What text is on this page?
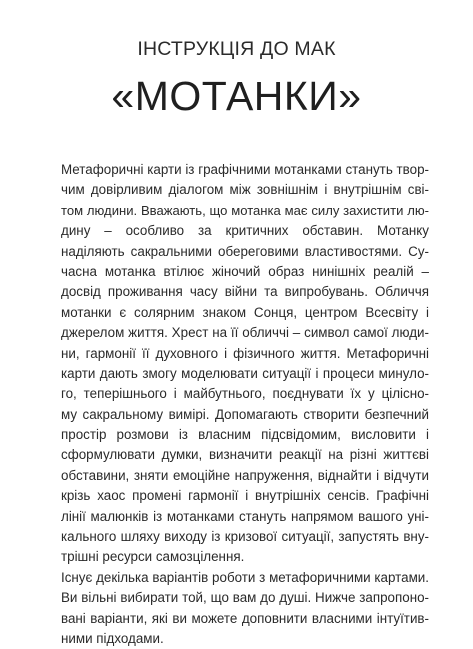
ІНСТРУКЦІЯ ДО МАК
«МОТАНКИ»
Метафоричні карти із графічними мотанками стануть твор-
чим довірливим діалогом між зовнішнім і внутрішнім сві-
том людини. Вважають, що мотанка має силу захистити лю-
дину – особливо за критичних обставин. Мотанку
наділяють сакральними обереговими властивостями. Су-
часна мотанка втілює жіночий образ нинішніх реалій –
досвід проживання часу війни та випробувань. Обличчя
мотанки є солярним знаком Сонця, центром Всесвіту і
джерелом життя. Хрест на її обличчі – символ самої люди-
ни, гармонії її духовного і фізичного життя. Метафоричні
карти дають змогу моделювати ситуації і процеси минуло-
го, теперішнього і майбутнього, поєднувати їх у цілісно-
му сакральному вимірі. Допомагають створити безпечний
простір розмови із власним підсвідомим, висловити і
сформулювати думки, визначити реакції на різні життєві
обставини, зняти емоційне напруження, віднайти і відчути
крізь хаос промені гармонії і внутрішніх сенсів. Графічні
лінії малюнків із мотанками стануть напрямом вашого уні-
кального шляху виходу із кризової ситуації, запустять вну-
трішні ресурси самозцілення.
Існує декілька варіантів роботи з метафоричними картами.
Ви вільні вибирати той, що вам до душі. Нижче запропоно-
вані варіанти, які ви можете доповнити власними інтуїтив-
ними підходами.
